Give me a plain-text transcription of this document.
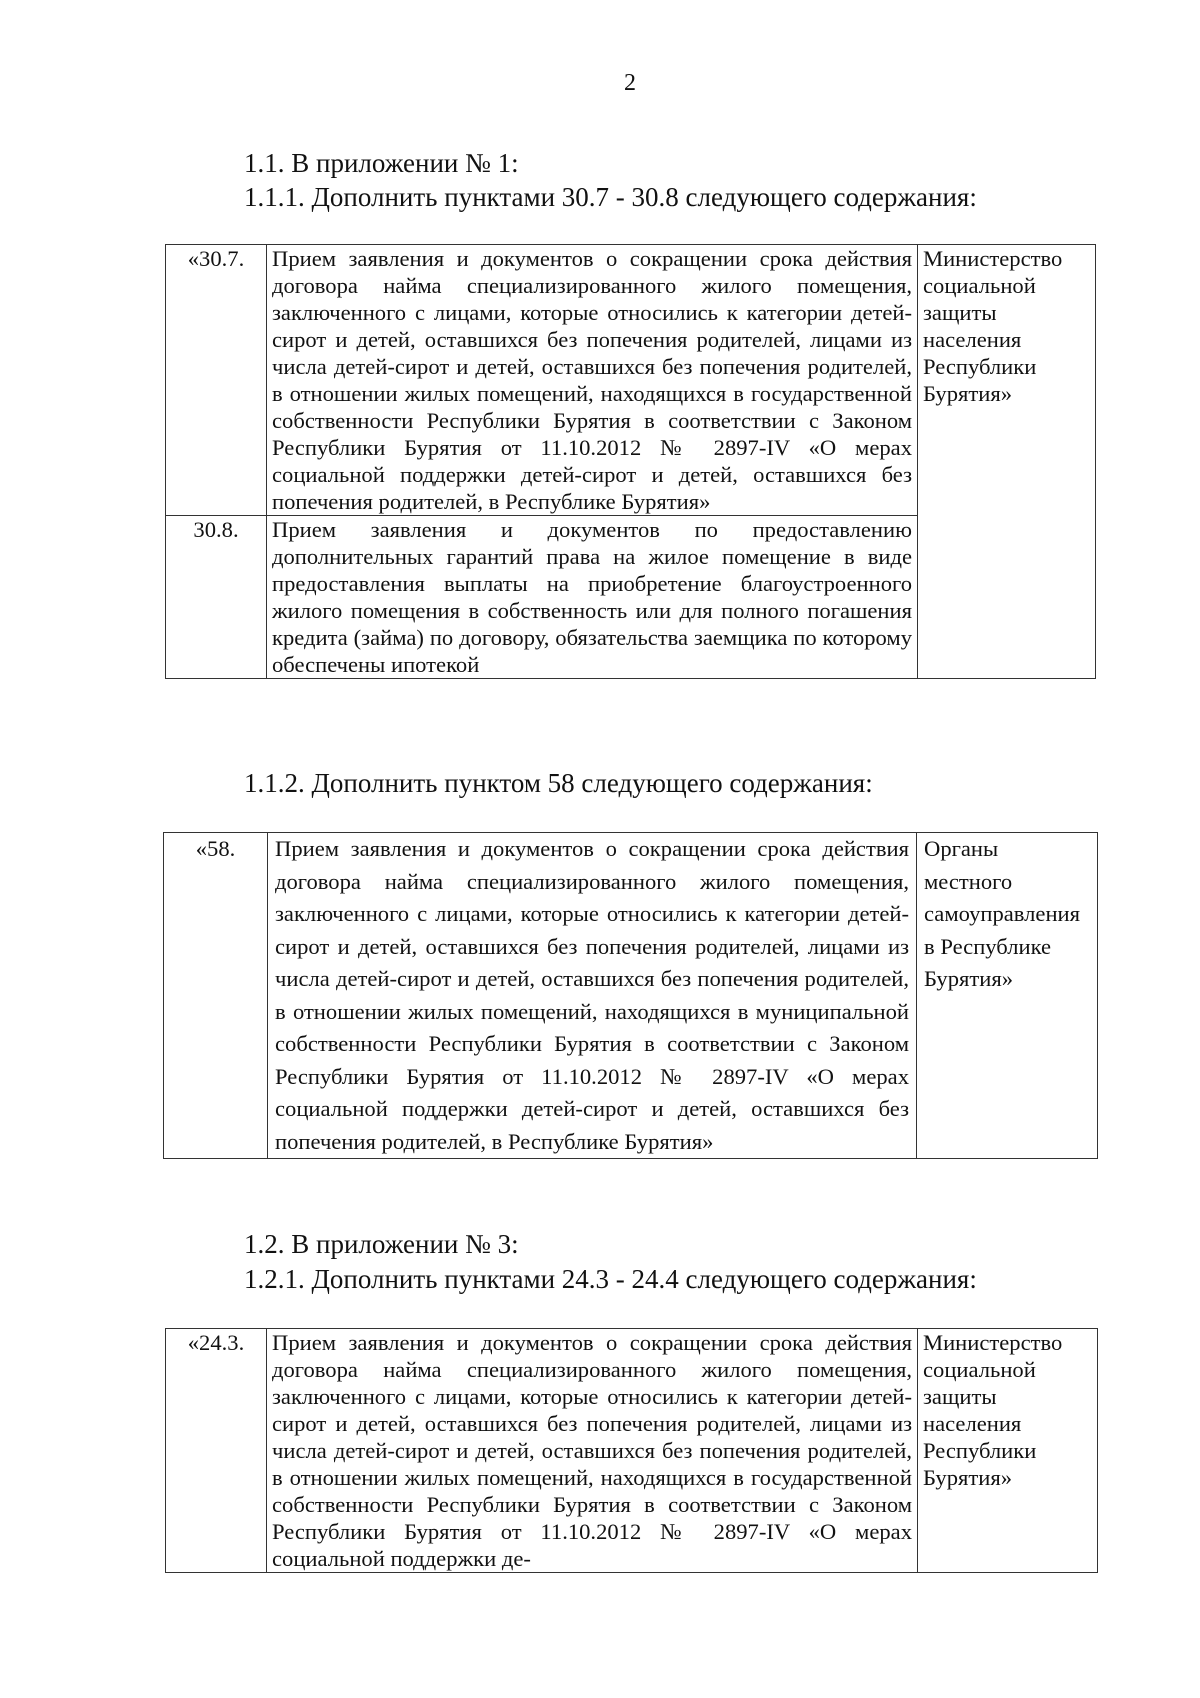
2
1.1. В приложении № 1:
1.1.1. Дополнить пунктами 30.7 - 30.8 следующего содержания:
«30.7.	Прием заявления и документов о сокращении срока действия договора найма специализированного жилого помещения, заключенного с лицами, которые относились к категории детей-сирот и детей, оставшихся без попечения родителей, лицами из числа детей-сирот и детей, оставшихся без попечения родителей, в отношении жилых помещений, находящихся в государственной собственности Республики Бурятия в соответствии с Законом Республики Бурятия от 11.10.2012 № 2897-IV «О мерах социальной поддержки детей-сирот и детей, оставшихся без попечения родителей, в Республике Бурятия»	Министерство социальной защиты населения Республики Бурятия»
30.8.	Прием заявления и документов по предоставлению дополнительных гарантий права на жилое помещение в виде предоставления выплаты на приобретение благоустроенного жилого помещения в собственность или для полного погашения кредита (займа) по договору, обязательства заемщика по которому обеспечены ипотекой	
1.1.2. Дополнить пунктом 58 следующего содержания:
«58.	Прием заявления и документов о сокращении срока действия договора найма специализированного жилого помещения, заключенного с лицами, которые относились к категории детей-сирот и детей, оставшихся без попечения родителей, лицами из числа детей-сирот и детей, оставшихся без попечения родителей, в отношении жилых помещений, находящихся в муниципальной собственности Республики Бурятия в соответствии с Законом Республики Бурятия от 11.10.2012 № 2897-IV «О мерах социальной поддержки детей-сирот и детей, оставшихся без попечения родителей, в Республике Бурятия»	Органы местного самоуправления в Республике Бурятия»
1.2. В приложении № 3:
1.2.1. Дополнить пунктами 24.3 - 24.4 следующего содержания:
«24.3.	Прием заявления и документов о сокращении срока действия договора найма специализированного жилого помещения, заключенного с лицами, которые относились к категории детей-сирот и детей, оставшихся без попечения родителей, лицами из числа детей-сирот и детей, оставшихся без попечения родителей, в отношении жилых помещений, находящихся в государственной собственности Республики Бурятия в соответствии с Законом Республики Бурятия от 11.10.2012 № 2897-IV «О мерах социальной поддержки де-	Министерство социальной защиты населения Республики Бурятия»
